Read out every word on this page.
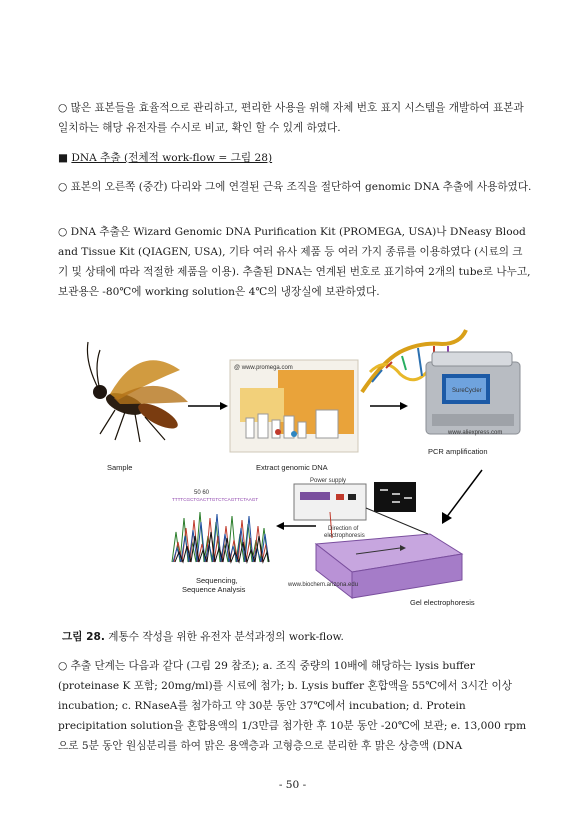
○ 많은 표본들을 효율적으로 관리하고, 편리한 사용을 위해 자체 번호 표지 시스템을 개발하여 표본과 일치하는 해당 유전자를 수시로 비교, 확인 할 수 있게 하였다.

■ DNA 추출 (전체적 work-flow = 그림 28)

○ 표본의 오른쪽 (중간) 다리와 그에 연결된 근육 조직을 절단하여 genomic DNA 추출에 사용하였다.

○ DNA 추출은 Wizard Genomic DNA Purification Kit (PROMEGA, USA)나 DNeasy Blood and Tissue Kit (QIAGEN, USA), 기타 여러 유사 제품 등 여러 가지 종류를 이용하였다 (시료의 크기 및 상태에 따라 적절한 제품을 이용). 추출된 DNA는 연계된 번호로 표기하여 2개의 tube로 나누고, 보관용은 -80℃에 working solution은 4℃의 냉장실에 보관하였다.

Sample
@ www.promega.com
Extract genomic DNA
SureCycler
www.aliexpress.com
PCR amplification
Power supply
Direction of
electrophoresis
www.biochem.arizona.edu
Gel electrophoresis
50 60
TTTTCGCTGACTTGTCTCAGTTCTAAGT
Sequencing,
Sequence Analysis

그림 28. 계통수 작성을 위한 유전자 분석과정의 work-flow.

○ 추출 단계는 다음과 같다 (그림 29 참조); a. 조직 중량의 10배에 해당하는 lysis buffer (proteinase K 포함; 20mg/ml)를 시료에 첨가; b. Lysis buffer 혼합액을 55℃에서 3시간 이상 incubation; c. RNaseA를 첨가하고 약 30분 동안 37℃에서 incubation; d. Protein precipitation solution을 혼합용액의 1/3만큼 첨가한 후 10분 동안 -20℃에 보관; e. 13,000 rpm으로 5분 동안 원심분리를 하여 맑은 용액층과 고형층으로 분리한 후 맑은 상층액 (DNA

- 50 -
